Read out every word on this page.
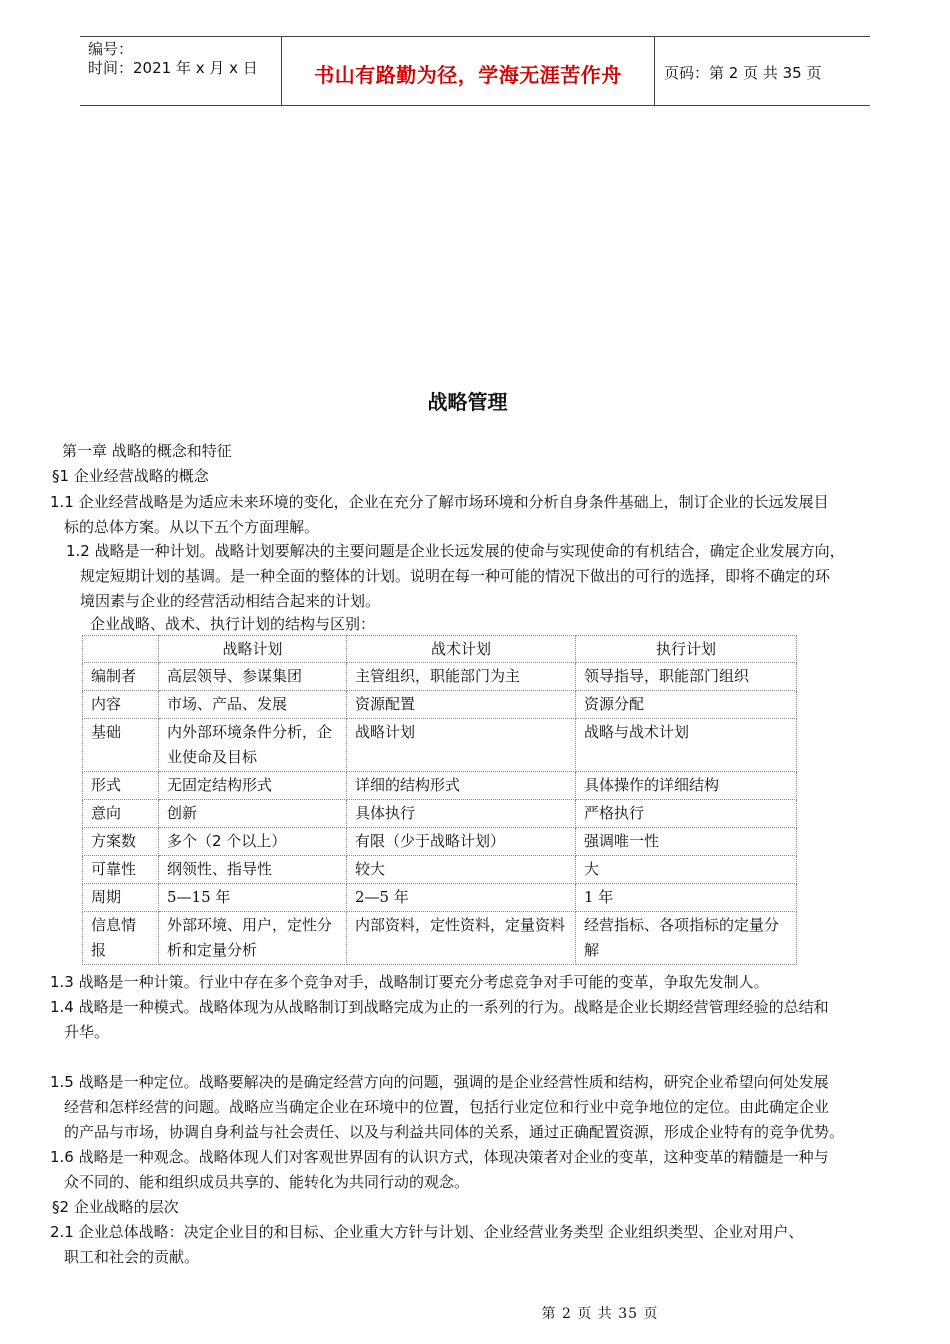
编号：
时间：2021 年 x 月 x 日	书山有路勤为径，学海无涯苦作舟	页码：第 2 页 共 35 页
战略管理
第一章 战略的概念和特征
§1 企业经营战略的概念
1.1 企业经营战略是为适应未来环境的变化，企业在充分了解市场环境和分析自身条件基础上，制订企业的长远发展目
标的总体方案。从以下五个方面理解。
1.2 战略是一种计划。战略计划要解决的主要问题是企业长远发展的使命与实现使命的有机结合，确定企业发展方向，
规定短期计划的基调。是一种全面的整体的计划。说明在每一种可能的情况下做出的可行的选择，即将不确定的环
境因素与企业的经营活动相结合起来的计划。
企业战略、战术、执行计划的结构与区别：
	战略计划	战术计划	执行计划
编制者	高层领导、参谋集团	主管组织，职能部门为主	领导指导，职能部门组织
内容	市场、产品、发展	资源配置	资源分配
基础	内外部环境条件分析，企业使命及目标	战略计划	战略与战术计划
形式	无固定结构形式	详细的结构形式	具体操作的详细结构
意向	创新	具体执行	严格执行
方案数	多个（2 个以上）	有限（少于战略计划）	强调唯一性
可靠性	纲领性、指导性	较大	大
周期	5—15 年	2—5 年	1 年
信息情报	外部环境、用户，定性分析和定量分析	内部资料，定性资料，定量资料	经营指标、各项指标的定量分解
1.3 战略是一种计策。行业中存在多个竞争对手，战略制订要充分考虑竞争对手可能的变革，争取先发制人。
1.4 战略是一种模式。战略体现为从战略制订到战略完成为止的一系列的行为。战略是企业长期经营管理经验的总结和
升华。
1.5 战略是一种定位。战略要解决的是确定经营方向的问题，强调的是企业经营性质和结构，研究企业希望向何处发展
经营和怎样经营的问题。战略应当确定企业在环境中的位置，包括行业定位和行业中竞争地位的定位。由此确定企业
的产品与市场，协调自身利益与社会责任、以及与利益共同体的关系，通过正确配置资源，形成企业特有的竞争优势。
1.6 战略是一种观念。战略体现人们对客观世界固有的认识方式，体现决策者对企业的变革，这种变革的精髓是一种与
众不同的、能和组织成员共享的、能转化为共同行动的观念。
§2 企业战略的层次
2.1 企业总体战略：决定企业目的和目标、企业重大方针与计划、企业经营业务类型 企业组织类型、企业对用户、
职工和社会的贡献。
第 2 页 共 35 页
